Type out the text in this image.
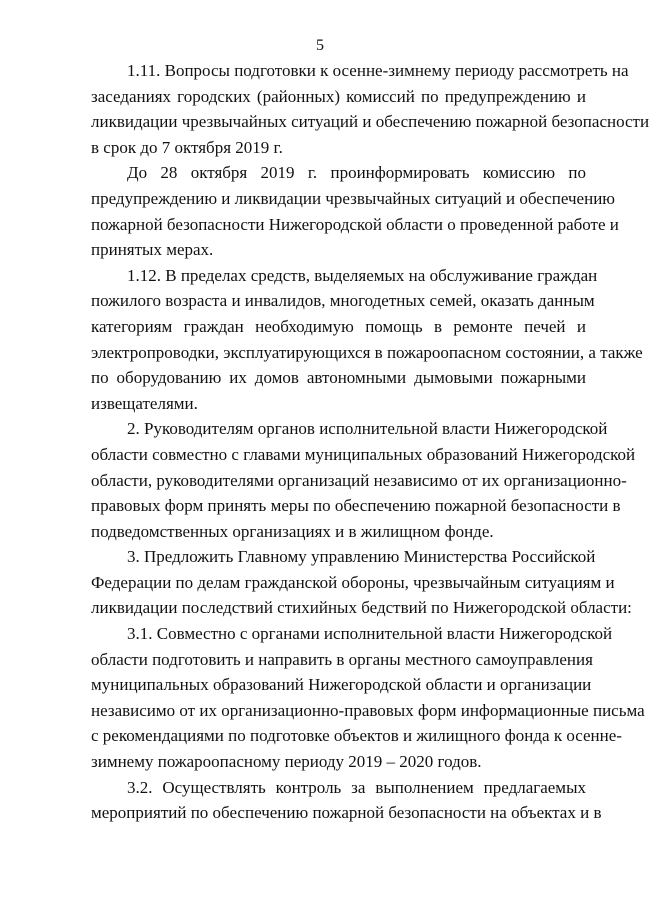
5
1.11. Вопросы подготовки к осенне-зимнему периоду рассмотреть на
заседаниях городских (районных) комиссий по предупреждению и
ликвидации чрезвычайных ситуаций и обеспечению пожарной безопасности
в срок до 7 октября 2019 г.
До 28 октября 2019 г. проинформировать комиссию по
предупреждению и ликвидации чрезвычайных ситуаций и обеспечению
пожарной безопасности Нижегородской области о проведенной работе и
принятых мерах.
1.12. В пределах средств, выделяемых на обслуживание граждан
пожилого возраста и инвалидов, многодетных семей, оказать данным
категориям граждан необходимую помощь в ремонте печей и
электропроводки, эксплуатирующихся в пожароопасном состоянии, а также
по оборудованию их домов автономными дымовыми пожарными
извещателями.
2. Руководителям органов исполнительной власти Нижегородской
области совместно с главами муниципальных образований Нижегородской
области, руководителями организаций независимо от их организационно-
правовых форм принять меры по обеспечению пожарной безопасности в
подведомственных организациях и в жилищном фонде.
3. Предложить Главному управлению Министерства Российской
Федерации по делам гражданской обороны, чрезвычайным ситуациям и
ликвидации последствий стихийных бедствий по Нижегородской области:
3.1. Совместно с органами исполнительной власти Нижегородской
области подготовить и направить в органы местного самоуправления
муниципальных образований Нижегородской области и организации
независимо от их организационно-правовых форм информационные письма
с рекомендациями по подготовке объектов и жилищного фонда к осенне-
зимнему пожароопасному периоду 2019 – 2020 годов.
3.2. Осуществлять контроль за выполнением предлагаемых
мероприятий по обеспечению пожарной безопасности на объектах и в
